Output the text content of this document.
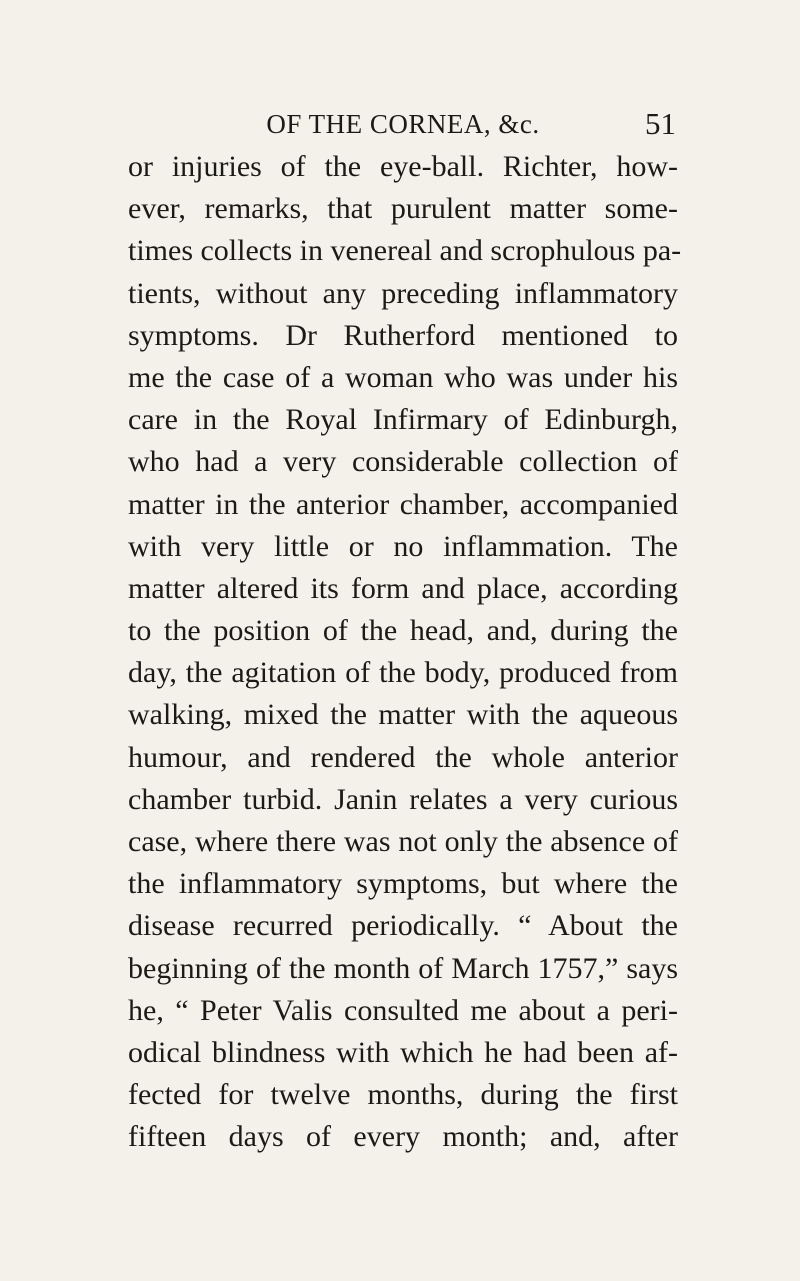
OF THE CORNEA, &c.	51
or injuries of the eye-ball. Richter, how-
ever, remarks, that purulent matter some-
times collects in venereal and scrophulous pa-
tients, without any preceding inflammatory
symptoms. Dr Rutherford mentioned to
me the case of a woman who was under his
care in the Royal Infirmary of Edinburgh,
who had a very considerable collection of
matter in the anterior chamber, accompanied
with very little or no inflammation. The
matter altered its form and place, according
to the position of the head, and, during the
day, the agitation of the body, produced from
walking, mixed the matter with the aqueous
humour, and rendered the whole anterior
chamber turbid. Janin relates a very curious
case, where there was not only the absence of
the inflammatory symptoms, but where the
disease recurred periodically. “ About the
beginning of the month of March 1757,” says
he, “ Peter Valis consulted me about a peri-
odical blindness with which he had been af-
fected for twelve months, during the first
fifteen days of every month; and, after
